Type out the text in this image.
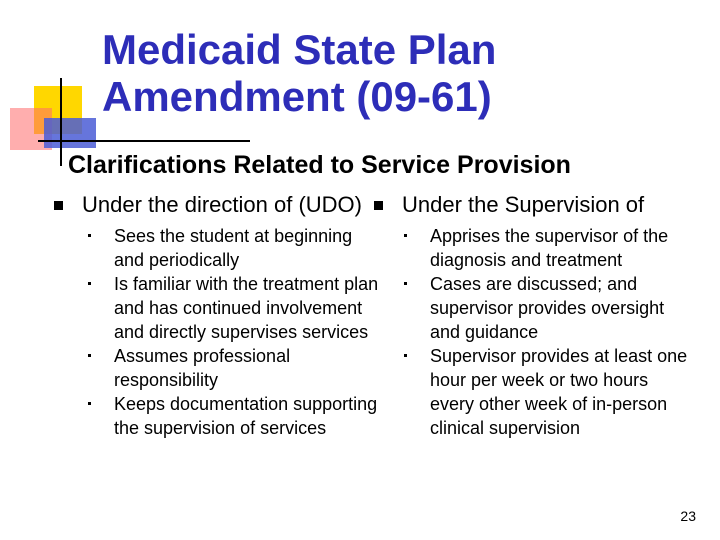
Medicaid State Plan Amendment (09-61)
Clarifications Related to Service Provision
Under the direction of (UDO)
Sees the student at beginning and periodically
Is familiar with the treatment plan and has continued involvement and directly supervises services
Assumes professional responsibility
Keeps documentation supporting the supervision of services
Under the Supervision of
Apprises the supervisor of the diagnosis and treatment
Cases are discussed; and supervisor provides oversight and guidance
Supervisor provides at least one hour per week or two hours every other week of in-person clinical supervision
23
